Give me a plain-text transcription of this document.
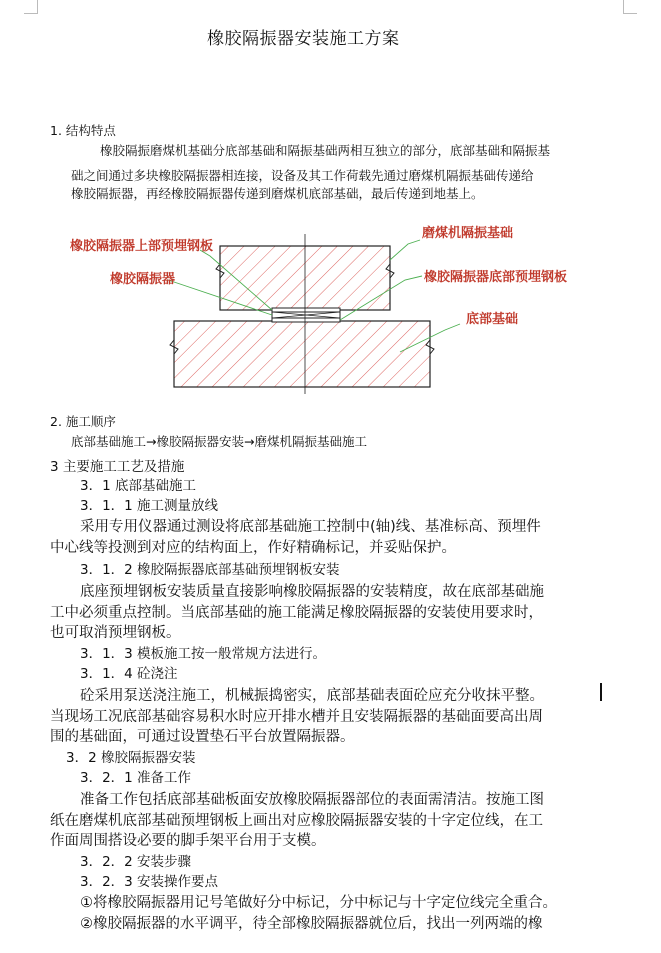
橡胶隔振器安装施工方案
1. 结构特点
橡胶隔振磨煤机基础分底部基础和隔振基础两相互独立的部分，底部基础和隔振基
础之间通过多块橡胶隔振器相连接，设备及其工作荷载先通过磨煤机隔振基础传递给
橡胶隔振器，再经橡胶隔振器传递到磨煤机底部基础，最后传递到地基上。
橡胶隔振器上部预埋钢板
橡胶隔振器
磨煤机隔振基础
橡胶隔振器底部预埋钢板
底部基础
2. 施工顺序
底部基础施工→橡胶隔振器安装→磨煤机隔振基础施工
3 主要施工工艺及措施
3．1 底部基础施工
3．1．1 施工测量放线
采用专用仪器通过测设将底部基础施工控制中(轴)线、基准标高、预埋件
中心线等投测到对应的结构面上，作好精确标记，并妥贴保护。
3．1．2 橡胶隔振器底部基础预埋钢板安装
底座预埋钢板安装质量直接影响橡胶隔振器的安装精度，故在底部基础施
工中必须重点控制。当底部基础的施工能满足橡胶隔振器的安装使用要求时，
也可取消预埋钢板。
3．1．3 模板施工按一般常规方法进行。
3．1．4 砼浇注
砼采用泵送浇注施工，机械振捣密实，底部基础表面砼应充分收抹平整。
当现场工况底部基础容易积水时应开排水槽并且安装隔振器的基础面要高出周
围的基础面，可通过设置垫石平台放置隔振器。
3．2 橡胶隔振器安装
3．2．1 准备工作
准备工作包括底部基础板面安放橡胶隔振器部位的表面需清洁。按施工图
纸在磨煤机底部基础预埋钢板上画出对应橡胶隔振器安装的十字定位线，在工
作面周围搭设必要的脚手架平台用于支模。
3．2．2 安装步骤
3．2．3 安装操作要点
①将橡胶隔振器用记号笔做好分中标记，分中标记与十字定位线完全重合。
②橡胶隔振器的水平调平，待全部橡胶隔振器就位后，找出一列两端的橡
